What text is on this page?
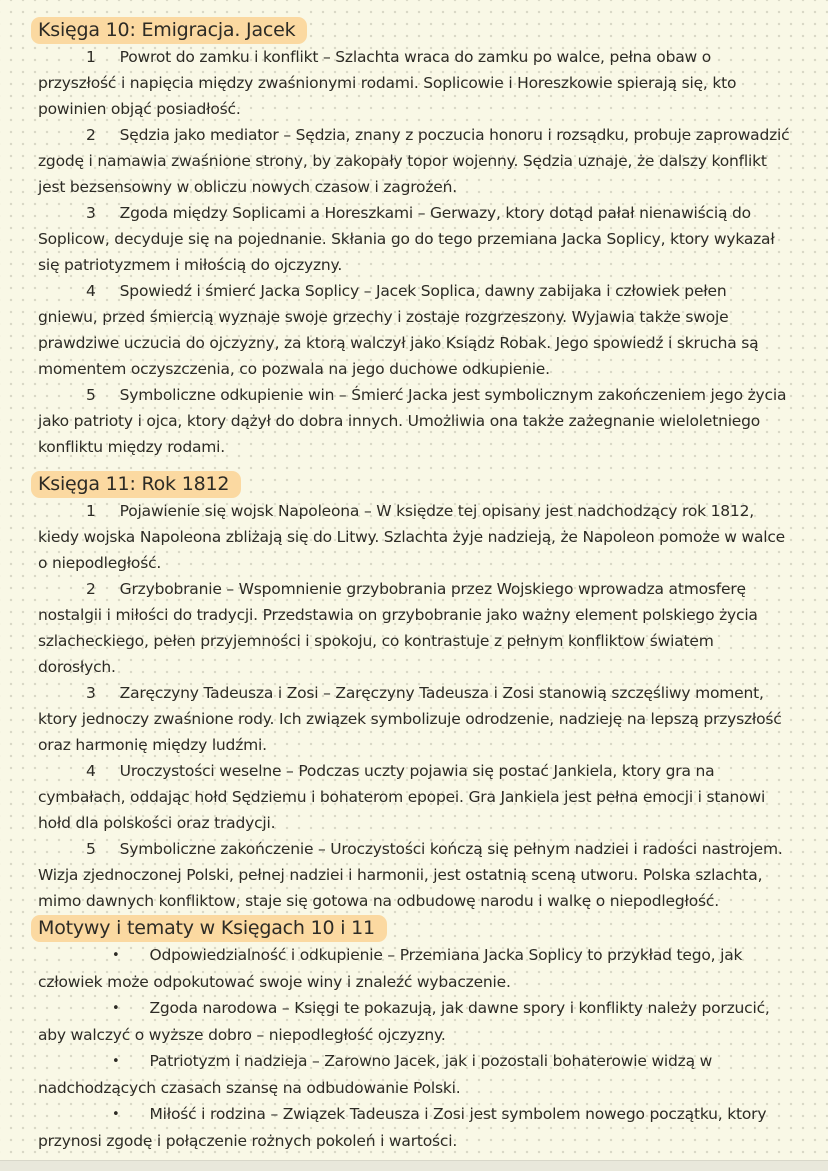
Księga 10: Emigracja. Jacek

1 Powrot do zamku i konflikt – Szlachta wraca do zamku po walce, pełna obaw o przyszłość i napięcia między zwaśnionymi rodami. Soplicowie i Horeszkowie spierają się, kto powinien objąć posiadłość.

2 Sędzia jako mediator – Sędzia, znany z poczucia honoru i rozsądku, probuje zaprowadzić zgodę i namawia zwaśnione strony, by zakopały topor wojenny. Sędzia uznaje, że dalszy konflikt jest bezsensowny w obliczu nowych czasow i zagrożeń.

3 Zgoda między Soplicami a Horeszkami – Gerwazy, ktory dotąd pałał nienawiścią do Soplicow, decyduje się na pojednanie. Skłania go do tego przemiana Jacka Soplicy, ktory wykazał się patriotyzmem i miłością do ojczyzny.

4 Spowiedź i śmierć Jacka Soplicy – Jacek Soplica, dawny zabijaka i człowiek pełen gniewu, przed śmiercią wyznaje swoje grzechy i zostaje rozgrzeszony. Wyjawia także swoje prawdziwe uczucia do ojczyzny, za ktorą walczył jako Ksiądz Robak. Jego spowiedź i skrucha są momentem oczyszczenia, co pozwala na jego duchowe odkupienie.

5 Symboliczne odkupienie win – Śmierć Jacka jest symbolicznym zakończeniem jego życia jako patrioty i ojca, ktory dążył do dobra innych. Umożliwia ona także zażegnanie wieloletniego konfliktu między rodami.

Księga 11: Rok 1812

1 Pojawienie się wojsk Napoleona – W księdze tej opisany jest nadchodzący rok 1812, kiedy wojska Napoleona zbliżają się do Litwy. Szlachta żyje nadzieją, że Napoleon pomoże w walce o niepodległość.

2 Grzybobranie – Wspomnienie grzybobrania przez Wojskiego wprowadza atmosferę nostalgii i miłości do tradycji. Przedstawia on grzybobranie jako ważny element polskiego życia szlacheckiego, pełen przyjemności i spokoju, co kontrastuje z pełnym konfliktow światem dorosłych.

3 Zaręczyny Tadeusza i Zosi – Zaręczyny Tadeusza i Zosi stanowią szczęśliwy moment, ktory jednoczy zwaśnione rody. Ich związek symbolizuje odrodzenie, nadzieję na lepszą przyszłość oraz harmonię między ludźmi.

4 Uroczystości weselne – Podczas uczty pojawia się postać Jankiela, ktory gra na cymbałach, oddając hołd Sędziemu i bohaterom epopei. Gra Jankiela jest pełna emocji i stanowi hołd dla polskości oraz tradycji.

5 Symboliczne zakończenie – Uroczystości kończą się pełnym nadziei i radości nastrojem. Wizja zjednoczonej Polski, pełnej nadziei i harmonii, jest ostatnią sceną utworu. Polska szlachta, mimo dawnych konfliktow, staje się gotowa na odbudowę narodu i walkę o niepodległość.

Motywy i tematy w Księgach 10 i 11

• Odpowiedzialność i odkupienie – Przemiana Jacka Soplicy to przykład tego, jak człowiek może odpokutować swoje winy i znaleźć wybaczenie.

• Zgoda narodowa – Księgi te pokazują, jak dawne spory i konflikty należy porzucić, aby walczyć o wyższe dobro – niepodległość ojczyzny.

• Patriotyzm i nadzieja – Zarowno Jacek, jak i pozostali bohaterowie widzą w nadchodzących czasach szansę na odbudowanie Polski.

• Miłość i rodzina – Związek Tadeusza i Zosi jest symbolem nowego początku, ktory przynosi zgodę i połączenie rożnych pokoleń i wartości.
